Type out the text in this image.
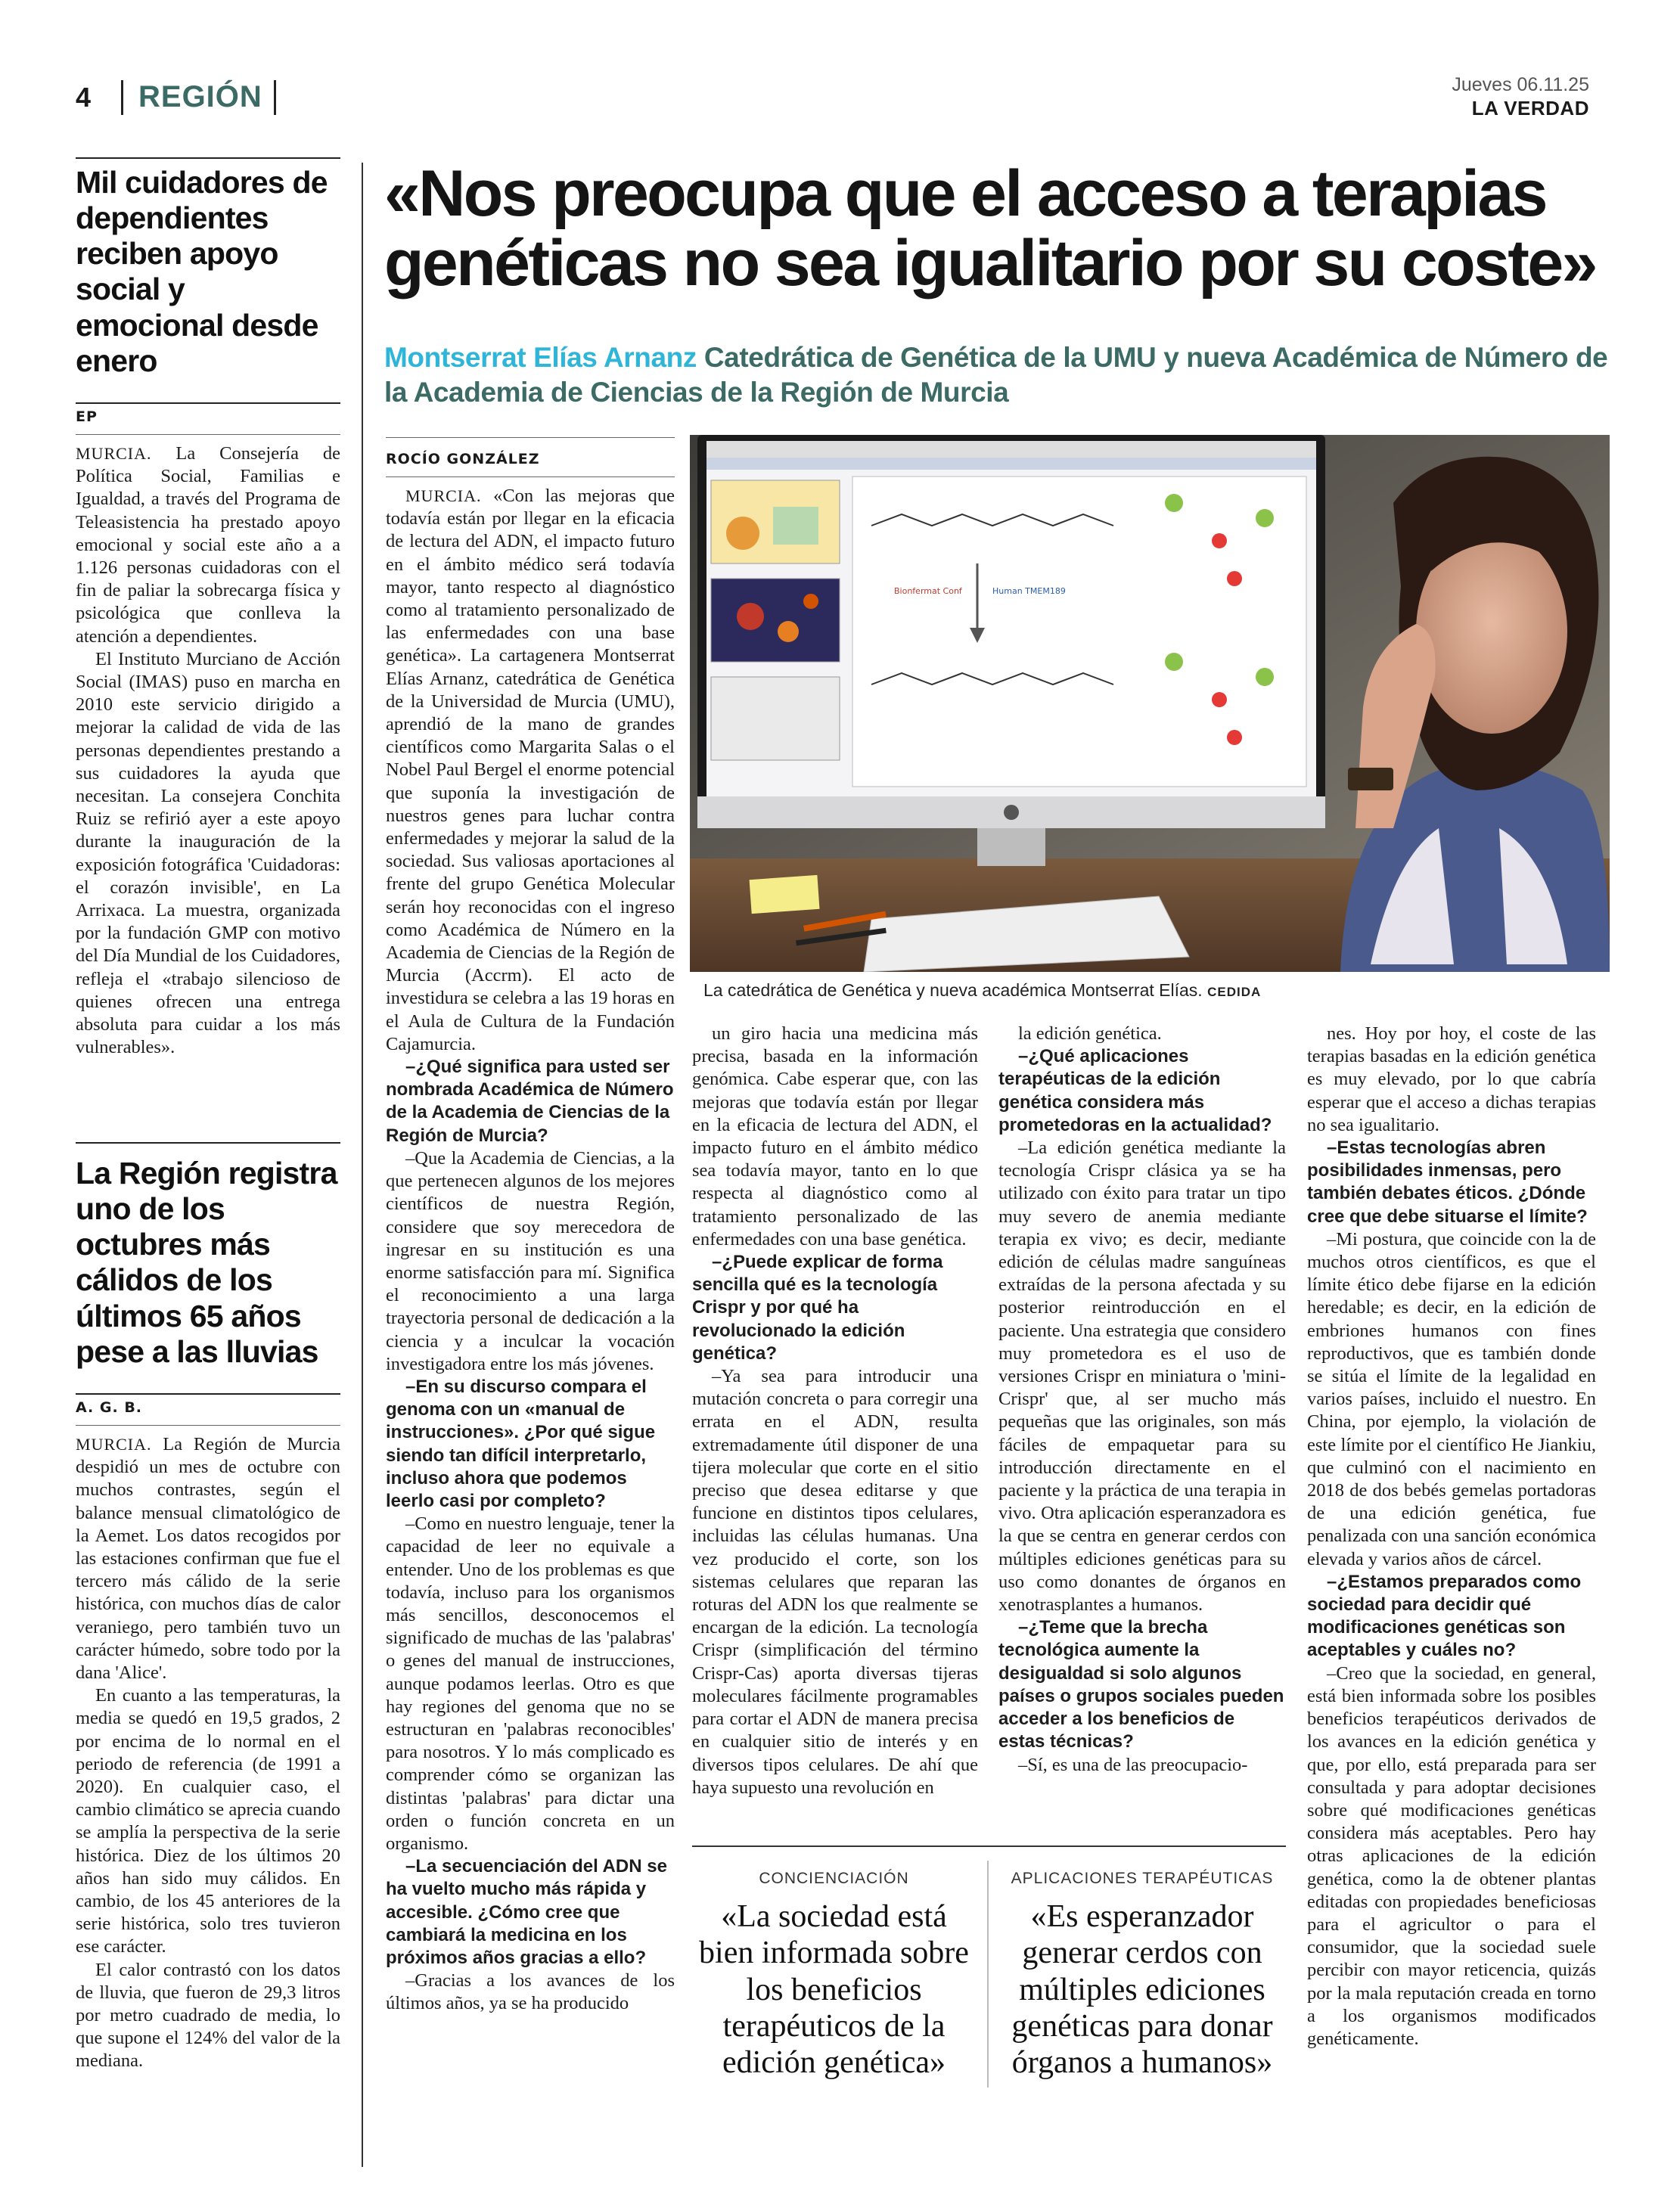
4 REGIÓN	Jueves 06.11.25
LA VERDAD
Mil cuidadores de dependientes reciben apoyo social y emocional desde enero
EP

MURCIA. La Consejería de Política Social, Familias e Igualdad, a través del Programa de Teleasistencia ha prestado apoyo emocional y social este año a a 1.126 personas cuidadoras con el fin de paliar la sobrecarga física y psicológica que conlleva la atención a dependientes.

El Instituto Murciano de Acción Social (IMAS) puso en marcha en 2010 este servicio dirigido a mejorar la calidad de vida de las personas dependientes prestando a sus cuidadores la ayuda que necesitan. La consejera Conchita Ruiz se refirió ayer a este apoyo durante la inauguración de la exposición fotográfica 'Cuidadoras: el corazón invisible', en La Arrixaca. La muestra, organizada por la fundación GMP con motivo del Día Mundial de los Cuidadores, refleja el «trabajo silencioso de quienes ofrecen una entrega absoluta para cuidar a los más vulnerables».

La Región registra uno de los octubres más cálidos de los últimos 65 años pese a las lluvias
A. G. B.

MURCIA. La Región de Murcia despidió un mes de octubre con muchos contrastes, según el balance mensual climatológico de la Aemet. Los datos recogidos por las estaciones confirman que fue el tercero más cálido de la serie histórica, con muchos días de calor veraniego, pero también tuvo un carácter húmedo, sobre todo por la dana 'Alice'.

En cuanto a las temperaturas, la media se quedó en 19,5 grados, 2 por encima de lo normal en el periodo de referencia (de 1991 a 2020). En cualquier caso, el cambio climático se aprecia cuando se amplía la perspectiva de la serie histórica. Diez de los últimos 20 años han sido muy cálidos. En cambio, de los 45 anteriores de la serie histórica, solo tres tuvieron ese carácter.

El calor contrastó con los datos de lluvia, que fueron de 29,3 litros por metro cuadrado de media, lo que supone el 124% del valor de la mediana.

«Nos preocupa que el acceso a terapias genéticas no sea igualitario por su coste»
Montserrat Elías Arnanz Catedrática de Genética de la UMU y nueva Académica de Número de la Academia de Ciencias de la Región de Murcia
ROCÍO GONZÁLEZ
Bionfermat Conf	Human TMEM189
La catedrática de Genética y nueva académica Montserrat Elías. CEDIDA

MURCIA. «Con las mejoras que todavía están por llegar en la eficacia de lectura del ADN, el impacto futuro en el ámbito médico será todavía mayor, tanto respecto al diagnóstico como al tratamiento personalizado de las enfermedades con una base genética». La cartagenera Montserrat Elías Arnanz, catedrática de Genética de la Universidad de Murcia (UMU), aprendió de la mano de grandes científicos como Margarita Salas o el Nobel Paul Bergel el enorme potencial que suponía la investigación de nuestros genes para luchar contra enfermedades y mejorar la salud de la sociedad. Sus valiosas aportaciones al frente del grupo Genética Molecular serán hoy reconocidas con el ingreso como Académica de Número en la Academia de Ciencias de la Región de Murcia (Accrm). El acto de investidura se celebra a las 19 horas en el Aula de Cultura de la Fundación Cajamurcia.

–¿Qué significa para usted ser nombrada Académica de Número de la Academia de Ciencias de la Región de Murcia?

–Que la Academia de Ciencias, a la que pertenecen algunos de los mejores científicos de nuestra Región, considere que soy merecedora de ingresar en su institución es una enorme satisfacción para mí. Significa el reconocimiento a una larga trayectoria personal de dedicación a la ciencia y a inculcar la vocación investigadora entre los más jóvenes.

–En su discurso compara el genoma con un «manual de instrucciones». ¿Por qué sigue siendo tan difícil interpretarlo, incluso ahora que podemos leerlo casi por completo?

–Como en nuestro lenguaje, tener la capacidad de leer no equivale a entender. Uno de los problemas es que todavía, incluso para los organismos más sencillos, desconocemos el significado de muchas de las 'palabras' o genes del manual de instrucciones, aunque podamos leerlas. Otro es que hay regiones del genoma que no se estructuran en 'palabras reconocibles' para nosotros. Y lo más complicado es comprender cómo se organizan las distintas 'palabras' para dictar una orden o función concreta en un organismo.

–La secuenciación del ADN se ha vuelto mucho más rápida y accesible. ¿Cómo cree que cambiará la medicina en los próximos años gracias a ello?

–Gracias a los avances de los últimos años, ya se ha producido

un giro hacia una medicina más precisa, basada en la información genómica. Cabe esperar que, con las mejoras que todavía están por llegar en la eficacia de lectura del ADN, el impacto futuro en el ámbito médico sea todavía mayor, tanto en lo que respecta al diagnóstico como al tratamiento personalizado de las enfermedades con una base genética.

–¿Puede explicar de forma sencilla qué es la tecnología Crispr y por qué ha revolucionado la edición genética?

–Ya sea para introducir una mutación concreta o para corregir una errata en el ADN, resulta extremadamente útil disponer de una tijera molecular que corte en el sitio preciso que desea editarse y que funcione en distintos tipos celulares, incluidas las células humanas. Una vez producido el corte, son los sistemas celulares que reparan las roturas del ADN los que realmente se encargan de la edición. La tecnología Crispr (simplificación del término Crispr-Cas) aporta diversas tijeras moleculares fácilmente programables para cortar el ADN de manera precisa en cualquier sitio de interés y en diversos tipos celulares. De ahí que haya supuesto una revolución en

la edición genética.

–¿Qué aplicaciones terapéuticas de la edición genética considera más prometedoras en la actualidad?

–La edición genética mediante la tecnología Crispr clásica ya se ha utilizado con éxito para tratar un tipo muy severo de anemia mediante terapia ex vivo; es decir, mediante edición de células madre sanguíneas extraídas de la persona afectada y su posterior reintroducción en el paciente. Una estrategia que considero muy prometedora es el uso de versiones Crispr en miniatura o 'mini-Crispr' que, al ser mucho más pequeñas que las originales, son más fáciles de empaquetar para su introducción directamente en el paciente y la práctica de una terapia in vivo. Otra aplicación esperanzadora es la que se centra en generar cerdos con múltiples ediciones genéticas para su uso como donantes de órganos en xenotrasplantes a humanos.

–¿Teme que la brecha tecnológica aumente la desigualdad si solo algunos países o grupos sociales pueden acceder a los beneficios de estas técnicas?

–Sí, es una de las preocupacio-

nes. Hoy por hoy, el coste de las terapias basadas en la edición genética es muy elevado, por lo que cabría esperar que el acceso a dichas terapias no sea igualitario.

–Estas tecnologías abren posibilidades inmensas, pero también debates éticos. ¿Dónde cree que debe situarse el límite?

–Mi postura, que coincide con la de muchos otros científicos, es que el límite ético debe fijarse en la edición heredable; es decir, en la edición de embriones humanos con fines reproductivos, que es también donde se sitúa el límite de la legalidad en varios países, incluido el nuestro. En China, por ejemplo, la violación de este límite por el científico He Jiankiu, que culminó con el nacimiento en 2018 de dos bebés gemelas portadoras de una edición genética, fue penalizada con una sanción económica elevada y varios años de cárcel.

–¿Estamos preparados como sociedad para decidir qué modificaciones genéticas son aceptables y cuáles no?

–Creo que la sociedad, en general, está bien informada sobre los posibles beneficios terapéuticos derivados de los avances en la edición genética y que, por ello, está preparada para ser consultada y para adoptar decisiones sobre qué modificaciones genéticas considera más aceptables. Pero hay otras aplicaciones de la edición genética, como la de obtener plantas editadas con propiedades beneficiosas para el agricultor o para el consumidor, que la sociedad suele percibir con mayor reticencia, quizás por la mala reputación creada en torno a los organismos modificados genéticamente.

CONCIENCIACIÓN
«La sociedad está bien informada sobre los beneficios terapéuticos de la edición genética»
APLICACIONES TERAPÉUTICAS
«Es esperanzador generar cerdos con múltiples ediciones genéticas para donar órganos a humanos»
